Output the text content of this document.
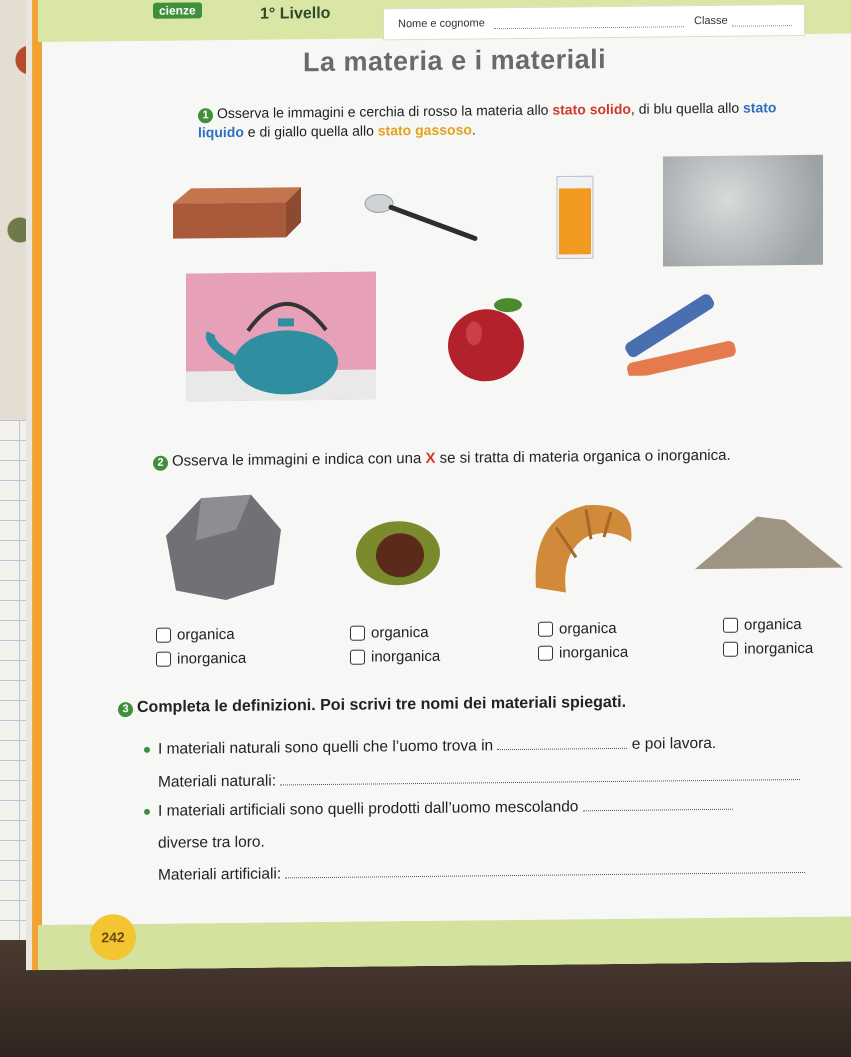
cienze	1° Livello
Nome e cognome	Classe
La materia e i materiali
1 Osserva le immagini e cerchia di rosso la materia allo stato solido, di blu quella allo stato liquido e di giallo quella allo stato gassoso.
2 Osserva le immagini e indica con una X se si tratta di materia organica o inorganica.
organica
inorganica
organica
inorganica
organica
inorganica
organica
inorganica
3 Completa le definizioni. Poi scrivi tre nomi dei materiali spiegati.
I materiali naturali sono quelli che l’uomo trova in	e poi lavora.
Materiali naturali:
I materiali artificiali sono quelli prodotti dall’uomo mescolando
diverse tra loro.
Materiali artificiali:
242
